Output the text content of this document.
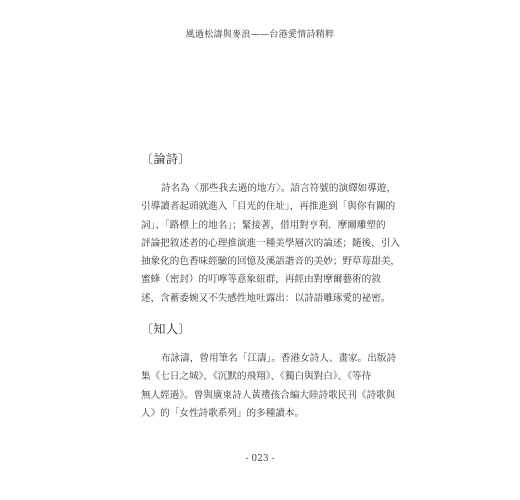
風過松濤與麥浪——台港愛情詩精粹
〔論詩〕
詩名為〈那些我去過的地方〉。語言符號的演繹如導遊，
引導讀者起頭就進入「目光的住址」，再推進到「與你有關的
詞」、「路標上的地名」；緊接著，借用對亨利．摩爾雕塑的
評論把敘述者的心理推演進一種美學層次的論述；隨後，引入
抽象化的色香味經驗的回憶及溪語諧音的美妙；野草莓甜美，
蜜蜂（密封）的叮嚀等意象紐群，再經由對摩爾藝術的敘
述，含蓄委婉又不失感性地吐露出：以詩語雕琢愛的祕密。
〔知人〕
布詠濤，曾用筆名「江濤」。香港女詩人、畫家。出版詩
集《七日之城》、《沉默的飛翔》、《獨白與對白》、《等待
無人經過》。曾與廣東詩人黃禮孩合編大陸詩歌民刊《詩歌與
人》的「女性詩歌系列」的多種讀本。
- 023 -
